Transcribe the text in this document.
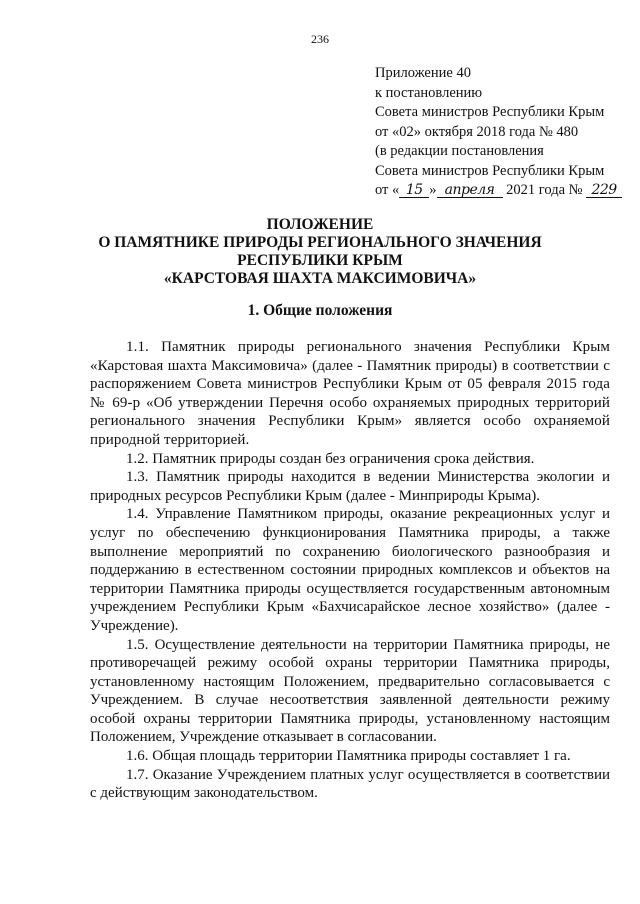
236
Приложение 40
к постановлению
Совета министров Республики Крым
от «02» октября 2018 года № 480
(в редакции постановления
Совета министров Республики Крым
от « 15 » апреля 2021 года № 229
ПОЛОЖЕНИЕ
О ПАМЯТНИКЕ ПРИРОДЫ РЕГИОНАЛЬНОГО ЗНАЧЕНИЯ
РЕСПУБЛИКИ КРЫМ
«КАРСТОВАЯ ШАХТА МАКСИМОВИЧА»
1. Общие положения

1.1. Памятник природы регионального значения Республики Крым «Карстовая шахта Максимовича» (далее - Памятник природы) в соответствии с распоряжением Совета министров Республики Крым от 05 февраля 2015 года № 69-р «Об утверждении Перечня особо охраняемых природных территорий регионального значения Республики Крым» является особо охраняемой природной территорией.

1.2. Памятник природы создан без ограничения срока действия.

1.3. Памятник природы находится в ведении Министерства экологии и природных ресурсов Республики Крым (далее - Минприроды Крыма).

1.4. Управление Памятником природы, оказание рекреационных услуг и услуг по обеспечению функционирования Памятника природы, а также выполнение мероприятий по сохранению биологического разнообразия и поддержанию в естественном состоянии природных комплексов и объектов на территории Памятника природы осуществляется государственным автономным учреждением Республики Крым «Бахчисарайское лесное хозяйство» (далее - Учреждение).

1.5. Осуществление деятельности на территории Памятника природы, не противоречащей режиму особой охраны территории Памятника природы, установленному настоящим Положением, предварительно согласовывается с Учреждением. В случае несоответствия заявленной деятельности режиму особой охраны территории Памятника природы, установленному настоящим Положением, Учреждение отказывает в согласовании.

1.6. Общая площадь территории Памятника природы составляет 1 га.

1.7. Оказание Учреждением платных услуг осуществляется в соответствии с действующим законодательством.
